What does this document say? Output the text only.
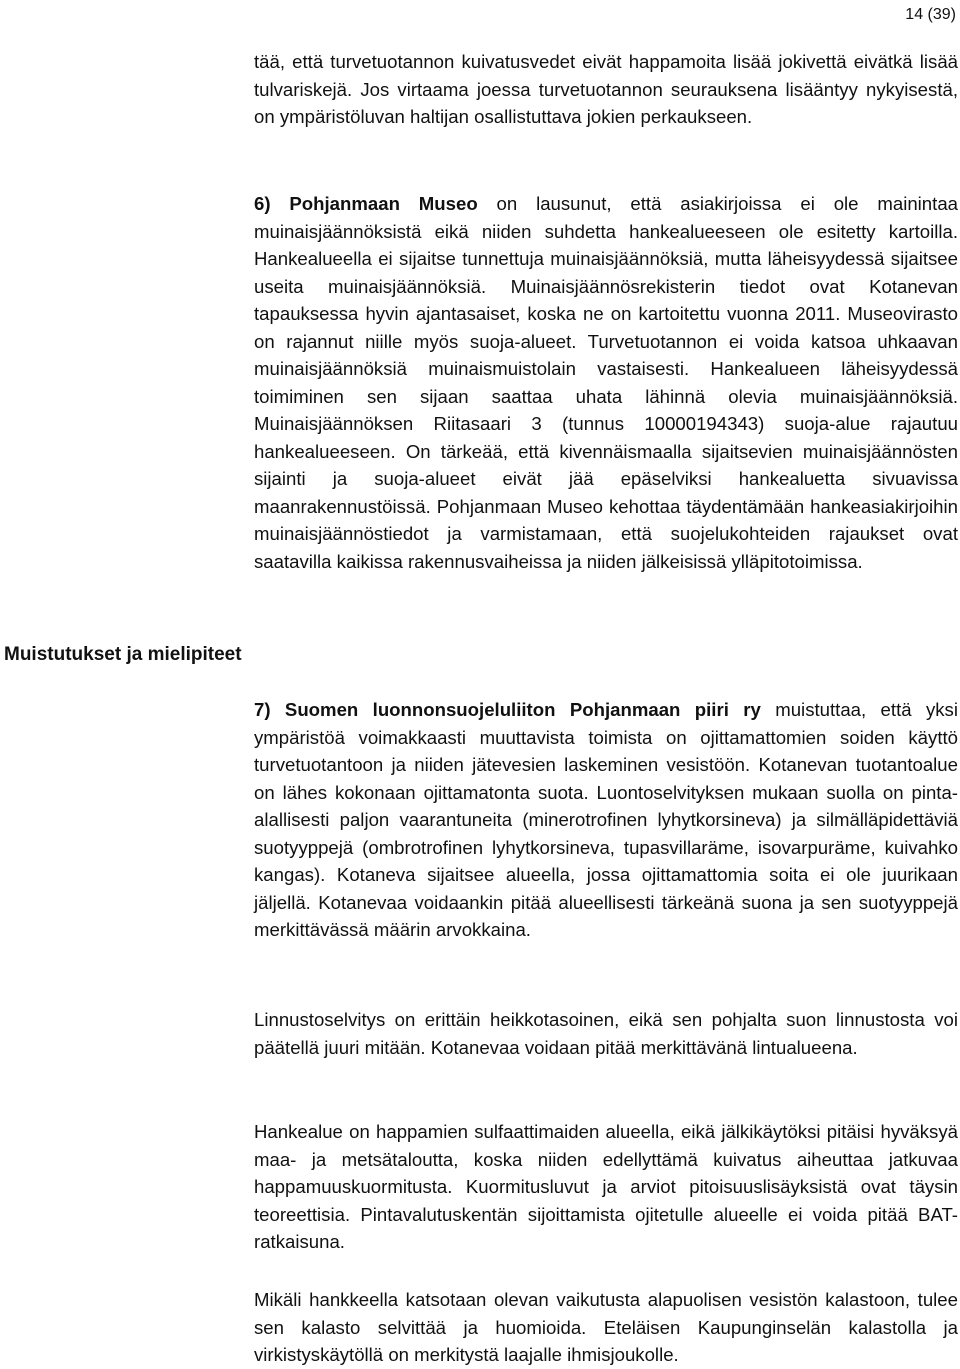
14 (39)
Muistutukset ja mielipiteet

tää, että turvetuotannon kuivatusvedet eivät happamoita lisää jokivettä eivätkä lisää tulvariskejä. Jos virtaama joessa turvetuotannon seurauksena lisääntyy nykyisestä, on ympäristöluvan haltijan osallistuttava jokien perkaukseen.

6) Pohjanmaan Museo on lausunut, että asiakirjoissa ei ole mainintaa muinaisjäännöksistä eikä niiden suhdetta hankealueeseen ole esitetty kartoilla. Hankealueella ei sijaitse tunnettuja muinaisjäännöksiä, mutta läheisyydessä sijaitsee useita muinaisjäännöksiä. Muinaisjäännösrekisterin tiedot ovat Kotanevan tapauksessa hyvin ajantasaiset, koska ne on kartoitettu vuonna 2011. Museovirasto on rajannut niille myös suoja-alueet. Turvetuotannon ei voida katsoa uhkaavan muinaisjäännöksiä muinaismuistolain vastaisesti. Hankealueen läheisyydessä toimiminen sen sijaan saattaa uhata lähinnä olevia muinaisjäännöksiä. Muinaisjäännöksen Riitasaari 3 (tunnus 10000194343) suoja-alue rajautuu hankealueeseen. On tärkeää, että kivennäismaalla sijaitsevien muinaisjäännösten sijainti ja suoja-alueet eivät jää epäselviksi hankealuetta sivuavissa maanrakennustöissä. Pohjanmaan Museo kehottaa täydentämään hankeasiakirjoihin muinaisjäännöstiedot ja varmistamaan, että suojelukohteiden rajaukset ovat saatavilla kaikissa rakennusvaiheissa ja niiden jälkeisissä ylläpitotoimissa.

7) Suomen luonnonsuojeluliiton Pohjanmaan piiri ry muistuttaa, että yksi ympäristöä voimakkaasti muuttavista toimista on ojittamattomien soiden käyttö turvetuotantoon ja niiden jätevesien laskeminen vesistöön. Kotanevan tuotantoalue on lähes kokonaan ojittamatonta suota. Luontoselvityksen mukaan suolla on pinta-alallisesti paljon vaarantuneita (minerotrofinen lyhytkorsineva) ja silmälläpidettäviä suotyyppejä (ombrotrofinen lyhytkorsineva, tupasvillaräme, isovarpuräme, kuivahko kangas). Kotaneva sijaitsee alueella, jossa ojittamattomia soita ei ole juurikaan jäljellä. Kotanevaa voidaankin pitää alueellisesti tärkeänä suona ja sen suotyyppejä merkittävässä määrin arvokkaina.

Linnustoselvitys on erittäin heikkotasoinen, eikä sen pohjalta suon linnustosta voi päätellä juuri mitään. Kotanevaa voidaan pitää merkittävänä lintualueena.

Hankealue on happamien sulfaattimaiden alueella, eikä jälkikäytöksi pitäisi hyväksyä maa- ja metsätaloutta, koska niiden edellyttämä kuivatus aiheuttaa jatkuvaa happamuuskuormitusta. Kuormitusluvut ja arviot pitoisuuslisäyksistä ovat täysin teoreettisia. Pintavalutuskentän sijoittamista ojitetulle alueelle ei voida pitää BAT-ratkaisuna.

Mikäli hankkeella katsotaan olevan vaikutusta alapuolisen vesistön kalastoon, tulee sen kalasto selvittää ja huomioida. Eteläisen Kaupunginselän kalastolla ja virkistyskäytöllä on merkitystä laajalle ihmisjoukolle.
